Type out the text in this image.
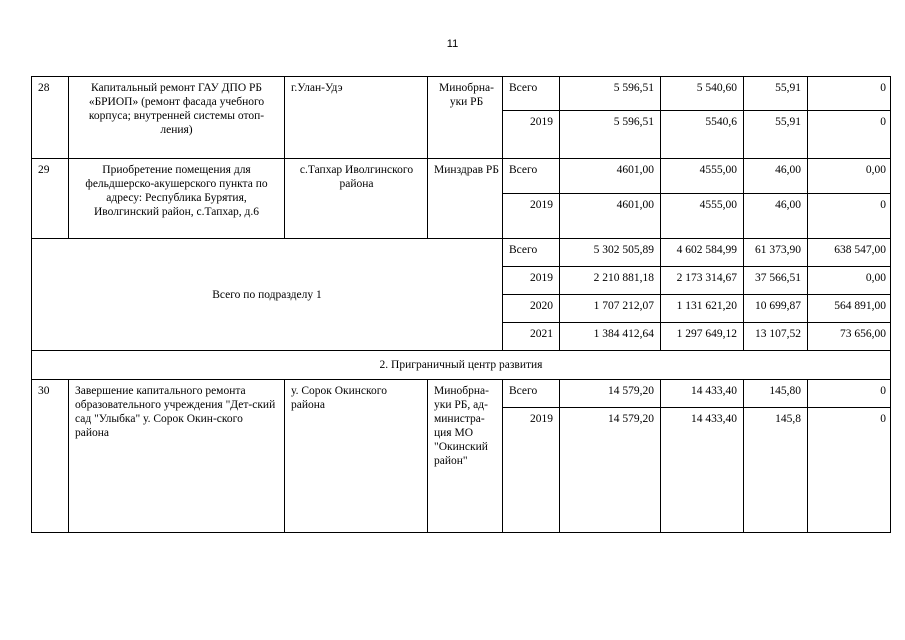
11
28	Капитальный ремонт ГАУ ДПО РБ «БРИОП» (ремонт фасада учебного корпуса; внутренней системы отоп-ления)	г.Улан-Удэ	Минобрна-уки РБ	Всего	5 596,51	5 540,60	55,91	0
				2019	5 596,51	5540,6	55,91	0
29	Приобретение помещения для фельдшерско-акушерского пункта по адресу: Республика Бурятия, Иволгинский район, с.Тапхар, д.6	с.Тапхар Иволгинского района	Минздрав РБ	Всего	4601,00	4555,00	46,00	0,00
				2019	4601,00	4555,00	46,00	0
Всего по подразделу 1				Всего	5 302 505,89	4 602 584,99	61 373,90	638 547,00
				2019	2 210 881,18	2 173 314,67	37 566,51	0,00
				2020	1 707 212,07	1 131 621,20	10 699,87	564 891,00
				2021	1 384 412,64	1 297 649,12	13 107,52	73 656,00
2. Приграничный центр развития								
30	Завершение капитального ремонта образовательного учреждения "Дет-ский сад "Улыбка" у. Сорок Окин-ского района	у. Сорок Окинского района	Минобрна-уки РБ, ад-министра-ция МО "Окинский район"	Всего	14 579,20	14 433,40	145,80	0
				2019	14 579,20	14 433,40	145,8	0
